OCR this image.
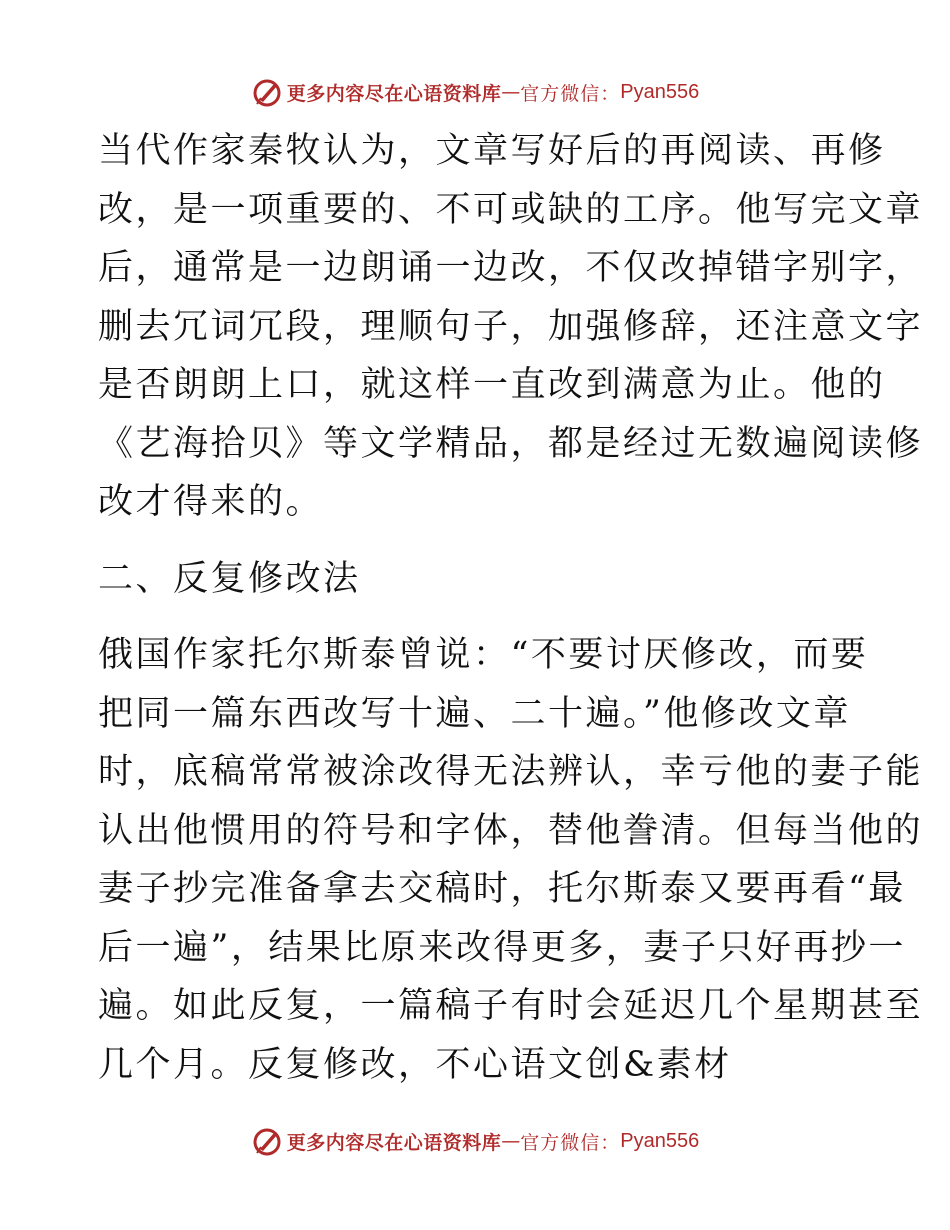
更多内容尽在心语资料库 — 官方微信： Pyan556

当代作家秦牧认为，文章写好后的再阅读、再修
改，是一项重要的、不可或缺的工序。他写完文章
后，通常是一边朗诵一边改，不仅改掉错字别字，
删去冗词冗段，理顺句子，加强修辞，还注意文字
是否朗朗上口，就这样一直改到满意为止。他的
《艺海拾贝》等文学精品，都是经过无数遍阅读修
改才得来的。

二、反复修改法

俄国作家托尔斯泰曾说：“不要讨厌修改，而要
把同一篇东西改写十遍、二十遍。”他修改文章
时，底稿常常被涂改得无法辨认，幸亏他的妻子能
认出他惯用的符号和字体，替他誊清。但每当他的
妻子抄完准备拿去交稿时，托尔斯泰又要再看“最
后一遍”，结果比原来改得更多，妻子只好再抄一
遍。如此反复，一篇稿子有时会延迟几个星期甚至
几个月。反复修改，不心语文创&素材

更多内容尽在心语资料库 — 官方微信： Pyan556
